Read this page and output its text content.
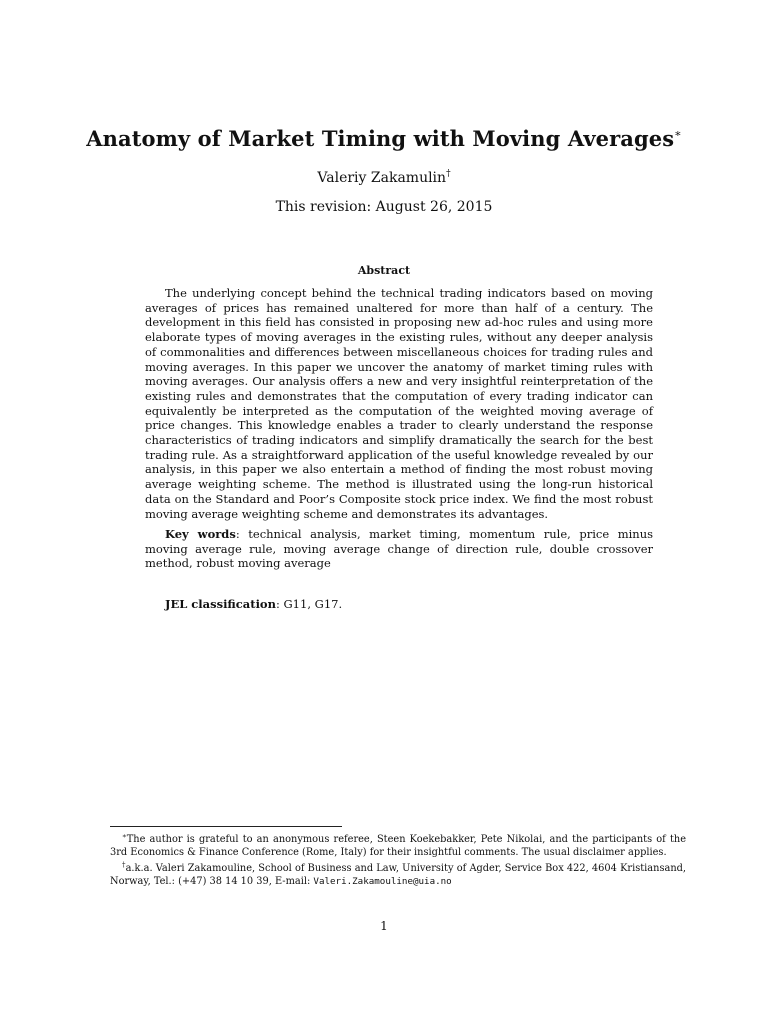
Anatomy of Market Timing with Moving Averages∗
Valeriy Zakamulin†
This revision: August 26, 2015
Abstract

The underlying concept behind the technical trading indicators based on moving averages of prices has remained unaltered for more than half of a century. The development in this field has consisted in proposing new ad-hoc rules and using more elaborate types of moving averages in the existing rules, without any deeper analysis of commonalities and differences between miscellaneous choices for trading rules and moving averages. In this paper we uncover the anatomy of market timing rules with moving averages. Our analysis offers a new and very insightful reinterpretation of the existing rules and demonstrates that the computation of every trading indicator can equivalently be interpreted as the computation of the weighted moving average of price changes. This knowledge enables a trader to clearly understand the response characteristics of trading indicators and simplify dramatically the search for the best trading rule. As a straightforward application of the useful knowledge revealed by our analysis, in this paper we also entertain a method of finding the most robust moving average weighting scheme. The method is illustrated using the long-run historical data on the Standard and Poor’s Composite stock price index. We find the most robust moving average weighting scheme and demonstrates its advantages.

Key words: technical analysis, market timing, momentum rule, price minus moving average rule, moving average change of direction rule, double crossover method, robust moving average

JEL classification: G11, G17.

∗The author is grateful to an anonymous referee, Steen Koekebakker, Pete Nikolai, and the participants of the 3rd Economics & Finance Conference (Rome, Italy) for their insightful comments. The usual disclaimer applies.

†a.k.a. Valeri Zakamouline, School of Business and Law, University of Agder, Service Box 422, 4604 Kristiansand, Norway, Tel.: (+47) 38 14 10 39, E-mail: Valeri.Zakamouline@uia.no

1
